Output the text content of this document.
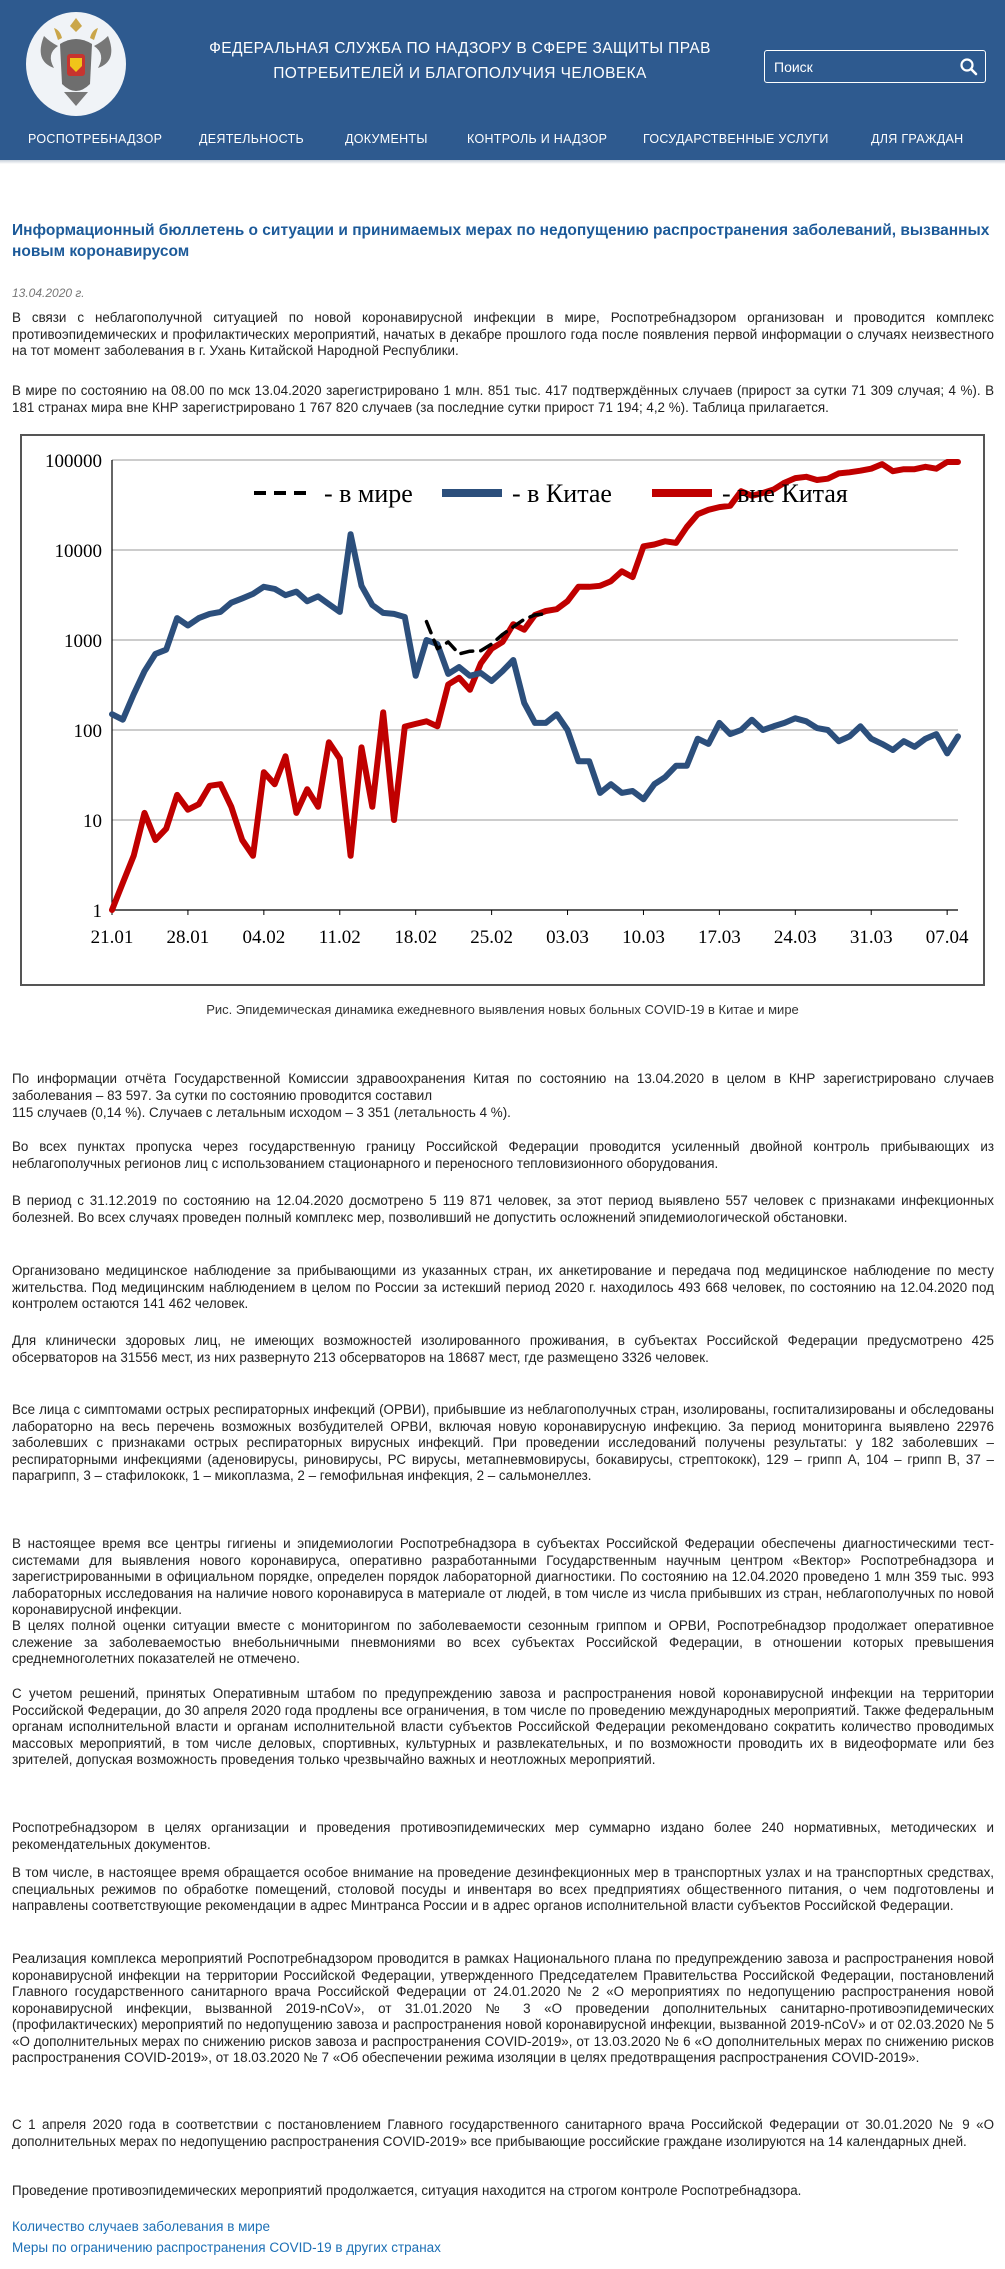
ФЕДЕРАЛЬНАЯ СЛУЖБА ПО НАДЗОРУ В СФЕРЕ ЗАЩИТЫ ПРАВ
ПОТРЕБИТЕЛЕЙ И БЛАГОПОЛУЧИЯ ЧЕЛОВЕКА
Поиск
РОСПОТРЕБНАДЗОР	ДЕЯТЕЛЬНОСТЬ	ДОКУМЕНТЫ	КОНТРОЛЬ И НАДЗОР	ГОСУДАРСТВЕННЫЕ УСЛУГИ	ДЛЯ ГРАЖДАН
Информационный бюллетень о ситуации и принимаемых мерах по недопущению распространения заболеваний, вызванных новым коронавирусом
13.04.2020 г.

В связи с неблагополучной ситуацией по новой коронавирусной инфекции в мире, Роспотребнадзором организован и проводится комплекс противоэпидемических и профилактических мероприятий, начатых в декабре прошлого года после появления первой информации о случаях неизвестного на тот момент заболевания в г. Ухань Китайской Народной Республики.

В мире по состоянию на 08.00 по мск 13.04.2020 зарегистрировано 1 млн. 851 тыс. 417 подтверждённых случаев (прирост за сутки 71 309 случая; 4 %). В 181 странах мира вне КНР зарегистрировано 1 767 820 случаев (за последние сутки прирост 71 194; 4,2 %). Таблица прилагается.

1
10
100
1000
10000
100000
21.01 28.01 04.02 11.02 18.02 25.02 03.03 10.03 17.03 24.03 31.03 07.04
- в мире	- в Китае	- вне Китая
Рис. Эпидемическая динамика ежедневного выявления новых больных COVID-19 в Китае и мире

По информации отчёта Государственной Комиссии здравоохранения Китая по состоянию на 13.04.2020 в целом в КНР зарегистрировано случаев заболевания – 83 597. За сутки по состоянию проводится составил

115 случаев (0,14 %). Случаев с летальным исходом – 3 351 (летальность 4 %).

Во всех пунктах пропуска через государственную границу Российской Федерации проводится усиленный двойной контроль прибывающих из неблагополучных регионов лиц с использованием стационарного и переносного тепловизионного оборудования.

В период с 31.12.2019 по состоянию на 12.04.2020 досмотрено 5 119 871 человек, за этот период выявлено 557 человек с признаками инфекционных болезней. Во всех случаях проведен полный комплекс мер, позволивший не допустить осложнений эпидемиологической обстановки.

Организовано медицинское наблюдение за прибывающими из указанных стран, их анкетирование и передача под медицинское наблюдение по месту жительства. Под медицинским наблюдением в целом по России за истекший период 2020 г. находилось 493 668 человек, по состоянию на 12.04.2020 под контролем остаются 141 462 человек.

Для клинически здоровых лиц, не имеющих возможностей изолированного проживания, в субъектах Российской Федерации предусмотрено 425 обсерваторов на 31556 мест, из них развернуто 213 обсерваторов на 18687 мест, где размещено 3326 человек.

Все лица с симптомами острых респираторных инфекций (ОРВИ), прибывшие из неблагополучных стран, изолированы, госпитализированы и обследованы лабораторно на весь перечень возможных возбудителей ОРВИ, включая новую коронавирусную инфекцию. За период мониторинга выявлено 22976 заболевших с признаками острых респираторных вирусных инфекций. При проведении исследований получены результаты: у 182 заболевших – респираторными инфекциями (аденовирусы, риновирусы, РС вирусы, метапневмовирусы, бокавирусы, стрептококк), 129 – грипп А, 104 – грипп В, 37 – парагрипп, 3 – стафилококк, 1 – микоплазма, 2 – гемофильная инфекция, 2 – сальмонеллез.

В настоящее время все центры гигиены и эпидемиологии Роспотребнадзора в субъектах Российской Федерации обеспечены диагностическими тест-системами для выявления нового коронавируса, оперативно разработанными Государственным научным центром «Вектор» Роспотребнадзора и зарегистрированными в официальном порядке, определен порядок лабораторной диагностики. По состоянию на 12.04.2020 проведено 1 млн 359 тыс. 993 лабораторных исследования на наличие нового коронавируса в материале от людей, в том числе из числа прибывших из стран, неблагополучных по новой коронавирусной инфекции.

В целях полной оценки ситуации вместе с мониторингом по заболеваемости сезонным гриппом и ОРВИ, Роспотребнадзор продолжает оперативное слежение за заболеваемостью внебольничными пневмониями во всех субъектах Российской Федерации, в отношении которых превышения среднемноголетних показателей не отмечено.

С учетом решений, принятых Оперативным штабом по предупреждению завоза и распространения новой коронавирусной инфекции на территории Российской Федерации, до 30 апреля 2020 года продлены все ограничения, в том числе по проведению международных мероприятий. Также федеральным органам исполнительной власти и органам исполнительной власти субъектов Российской Федерации рекомендовано сократить количество проводимых массовых мероприятий, в том числе деловых, спортивных, культурных и развлекательных, и по возможности проводить их в видеоформате или без зрителей, допуская возможность проведения только чрезвычайно важных и неотложных мероприятий.

Роспотребнадзором в целях организации и проведения противоэпидемических мер суммарно издано более 240 нормативных, методических и рекомендательных документов.

В том числе, в настоящее время обращается особое внимание на проведение дезинфекционных мер в транспортных узлах и на транспортных средствах, специальных режимов по обработке помещений, столовой посуды и инвентаря во всех предприятиях общественного питания, о чем подготовлены и направлены соответствующие рекомендации в адрес Минтранса России и в адрес органов исполнительной власти субъектов Российской Федерации.

Реализация комплекса мероприятий Роспотребнадзором проводится в рамках Национального плана по предупреждению завоза и распространения новой коронавирусной инфекции на территории Российской Федерации, утвержденного Председателем Правительства Российской Федерации, постановлений Главного государственного санитарного врача Российской Федерации от 24.01.2020 № 2 «О мероприятиях по недопущению распространения новой коронавирусной инфекции, вызванной 2019-nCoV», от 31.01.2020 № 3 «О проведении дополнительных санитарно-противоэпидемических (профилактических) мероприятий по недопущению завоза и распространения новой коронавирусной инфекции, вызванной 2019-nCoV» и от 02.03.2020 № 5 «О дополнительных мерах по снижению рисков завоза и распространения COVID-2019», от 13.03.2020 № 6 «О дополнительных мерах по снижению рисков распространения COVID-2019», от 18.03.2020 № 7 «Об обеспечении режима изоляции в целях предотвращения распространения COVID-2019».

С 1 апреля 2020 года в соответствии с постановлением Главного государственного санитарного врача Российской Федерации от 30.01.2020 № 9 «О дополнительных мерах по недопущению распространения COVID-2019» все прибывающие российские граждане изолируются на 14 календарных дней.

Проведение противоэпидемических мероприятий продолжается, ситуация находится на строгом контроле Роспотребнадзора.

Количество случаев заболевания в мире
Меры по ограничению распространения COVID-19 в других странах
